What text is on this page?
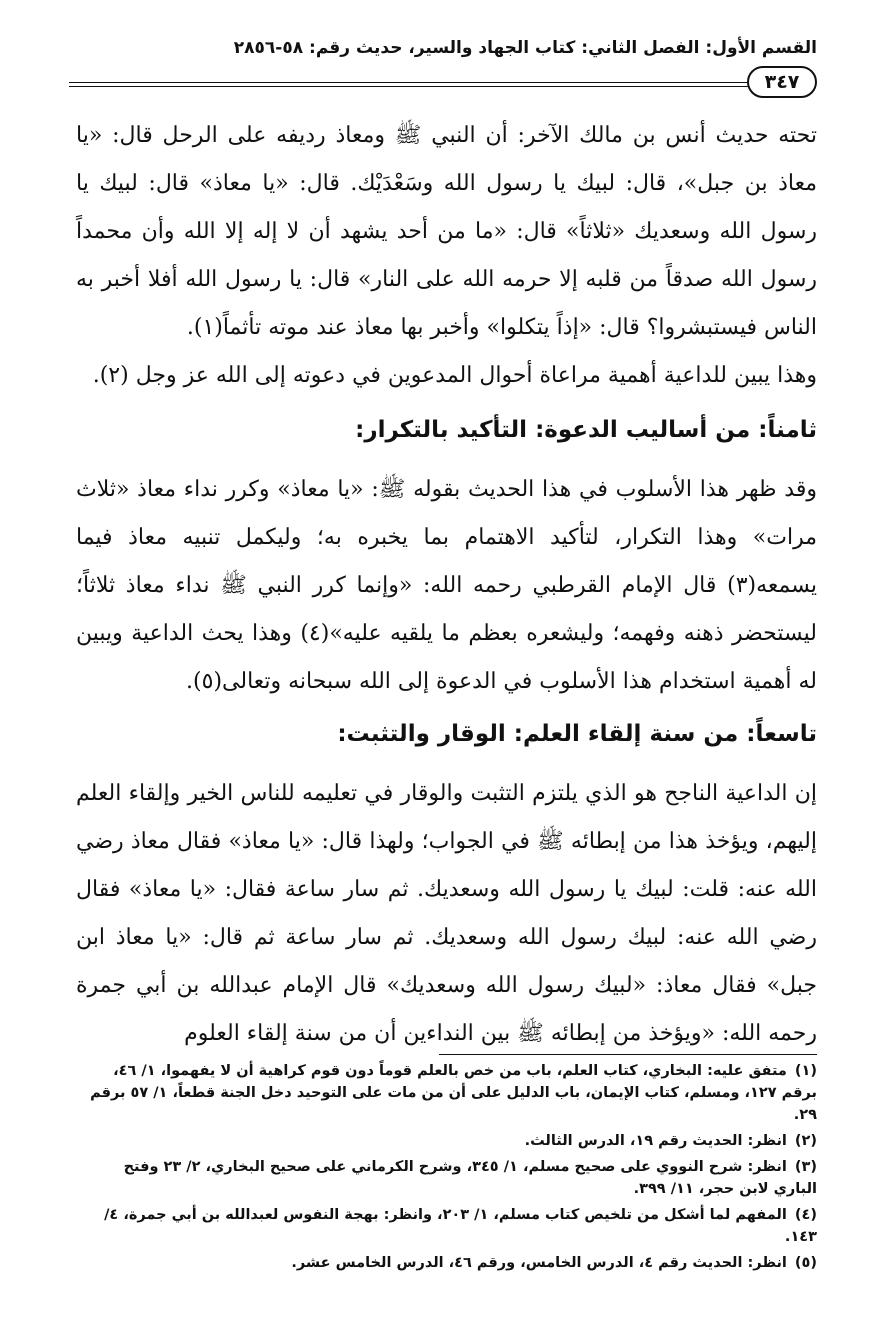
القسم الأول: الفصل الثاني: كتاب الجهاد والسير، حديث رقم: ٥٨-٢٨٥٦
٣٤٧

تحته حديث أنس بن مالك الآخر: أن النبي ﷺ ومعاذ رديفه على الرحل قال: «يا معاذ بن جبل»، قال: لبيك يا رسول الله وسَعْدَيْك. قال: «يا معاذ» قال: لبيك يا رسول الله وسعديك «ثلاثاً» قال: «ما من أحد يشهد أن لا إله إلا الله وأن محمداً رسول الله صدقاً من قلبه إلا حرمه الله على النار» قال: يا رسول الله أفلا أخبر به الناس فيستبشروا؟ قال: «إذاً يتكلوا» وأخبر بها معاذ عند موته تأثماً(١).

وهذا يبين للداعية أهمية مراعاة أحوال المدعوين في دعوته إلى الله عز وجل (٢).

ثامناً: من أساليب الدعوة: التأكيد بالتكرار:

وقد ظهر هذا الأسلوب في هذا الحديث بقوله ﷺ: «يا معاذ» وكرر نداء معاذ «ثلاث مرات» وهذا التكرار، لتأكيد الاهتمام بما يخبره به؛ وليكمل تنبيه معاذ فيما يسمعه(٣) قال الإمام القرطبي رحمه الله: «وإنما كرر النبي ﷺ نداء معاذ ثلاثاً؛ ليستحضر ذهنه وفهمه؛ وليشعره بعظم ما يلقيه عليه»(٤) وهذا يحث الداعية ويبين له أهمية استخدام هذا الأسلوب في الدعوة إلى الله سبحانه وتعالى(٥).

تاسعاً: من سنة إلقاء العلم: الوقار والتثبت:

إن الداعية الناجح هو الذي يلتزم التثبت والوقار في تعليمه للناس الخير وإلقاء العلم إليهم، ويؤخذ هذا من إبطائه ﷺ في الجواب؛ ولهذا قال: «يا معاذ» فقال معاذ رضي الله عنه: قلت: لبيك يا رسول الله وسعديك. ثم سار ساعة فقال: «يا معاذ» فقال رضي الله عنه: لبيك رسول الله وسعديك. ثم سار ساعة ثم قال: «يا معاذ ابن جبل» فقال معاذ: «لبيك رسول الله وسعديك» قال الإمام عبدالله بن أبي جمرة رحمه الله: «ويؤخذ من إبطائه ﷺ بين النداءين أن من سنة إلقاء العلوم

(١)متفق عليه: البخاري، كتاب العلم، باب من خص بالعلم قوماً دون قوم كراهية أن لا يفهموا، ١/ ٤٦، برقم ١٢٧، ومسلم، كتاب الإيمان، باب الدليل على أن من مات على التوحيد دخل الجنة قطعاً، ١/ ٥٧ برقم ٢٩.
(٢)انظر: الحديث رقم ١٩، الدرس الثالث.
(٣)انظر: شرح النووي على صحيح مسلم، ١/ ٣٤٥، وشرح الكرماني على صحيح البخاري، ٢/ ٢٣ وفتح الباري لابن حجر، ١١/ ٣٩٩.
(٤)المفهم لما أشكل من تلخيص كتاب مسلم، ١/ ٢٠٣، وانظر: بهجة النفوس لعبدالله بن أبي جمرة، ٤/ ١٤٣.
(٥)انظر: الحديث رقم ٤، الدرس الخامس، ورقم ٤٦، الدرس الخامس عشر.
